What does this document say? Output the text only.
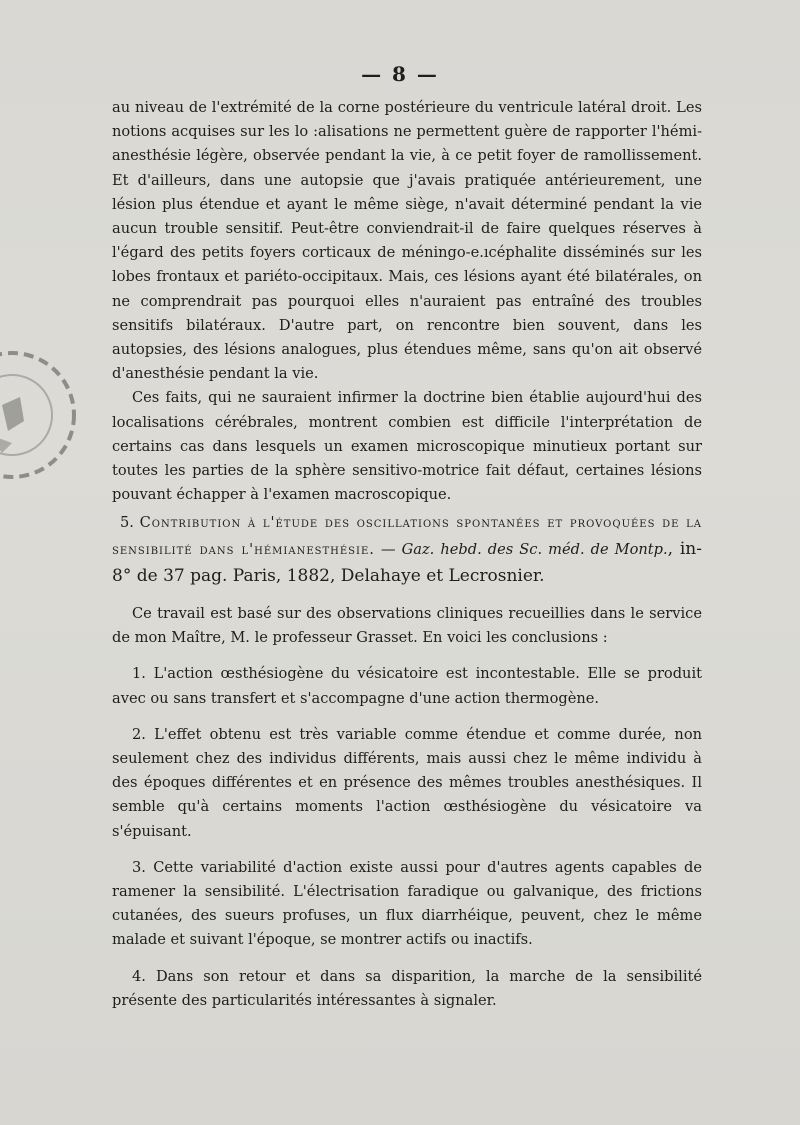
— 8 —

au niveau de l'extrémité de la corne postérieure du ventricule latéral droit. Les notions acquises sur les lo :alisations ne permettent guère de rapporter l'hémi-anesthésie légère, observée pendant la vie, à ce petit foyer de ramollissement. Et d'ailleurs, dans une autopsie que j'avais pratiquée antérieurement, une lésion plus étendue et ayant le même siège, n'avait déterminé pendant la vie aucun trouble sensitif. Peut-être conviendrait-il de faire quelques réserves à l'égard des petits foyers corticaux de méningo-e.ıcéphalite disséminés sur les lobes frontaux et pariéto-occipitaux. Mais, ces lésions ayant été bilatérales, on ne comprendrait pas pourquoi elles n'auraient pas entraîné des troubles sensitifs bilatéraux. D'autre part, on rencontre bien souvent, dans les autopsies, des lésions analogues, plus étendues même, sans qu'on ait observé d'anesthésie pendant la vie.

Ces faits, qui ne sauraient infirmer la doctrine bien établie aujourd'hui des localisations cérébrales, montrent combien est difficile l'interprétation de certains cas dans lesquels un examen microscopique minutieux portant sur toutes les parties de la sphère sensitivo-motrice fait défaut, certaines lésions pouvant échapper à l'examen macroscopique.

5. Contribution à l'étude des oscillations spontanées et provoquées de la sensibilité dans l'hémianesthésie. — Gaz. hebd. des Sc. méd. de Montp., in-8° de 37 pag. Paris, 1882, Delahaye et Lecrosnier.

Ce travail est basé sur des observations cliniques recueillies dans le service de mon Maître, M. le professeur Grasset. En voici les conclusions :

1. L'action œsthésiogène du vésicatoire est incontestable. Elle se produit avec ou sans transfert et s'accompagne d'une action thermogène.

2. L'effet obtenu est très variable comme étendue et comme durée, non seulement chez des individus différents, mais aussi chez le même individu à des époques différentes et en présence des mêmes troubles anesthésiques. Il semble qu'à certains moments l'action œsthésiogène du vésicatoire va s'épuisant.

3. Cette variabilité d'action existe aussi pour d'autres agents capables de ramener la sensibilité. L'électrisation faradique ou galvanique, des frictions cutanées, des sueurs profuses, un flux diarrhéique, peuvent, chez le même malade et suivant l'époque, se montrer actifs ou inactifs.

4. Dans son retour et dans sa disparition, la marche de la sensibilité présente des particularités intéressantes à signaler.
